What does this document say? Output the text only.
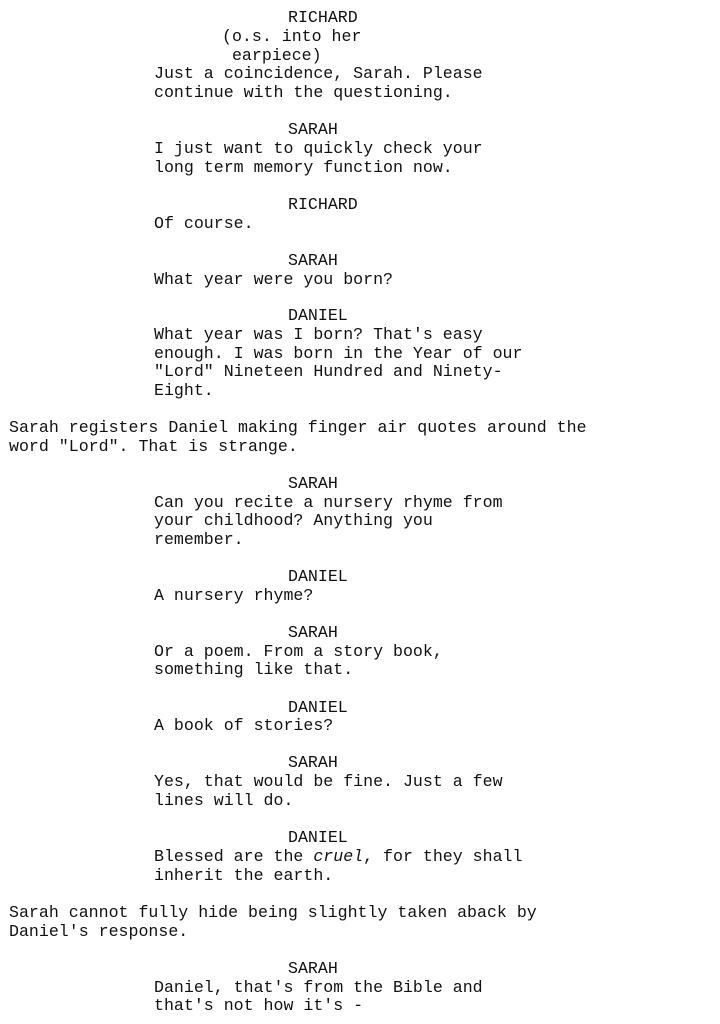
RICHARD
(o.s. into her
earpiece)
Just a coincidence, Sarah. Please
continue with the questioning.
SARAH
I just want to quickly check your
long term memory function now.
RICHARD
Of course.
SARAH
What year were you born?
DANIEL
What year was I born? That's easy
enough. I was born in the Year of our
"Lord" Nineteen Hundred and Ninety-
Eight.
Sarah registers Daniel making finger air quotes around the
word "Lord". That is strange.
SARAH
Can you recite a nursery rhyme from
your childhood? Anything you
remember.
DANIEL
A nursery rhyme?
SARAH
Or a poem. From a story book,
something like that.
DANIEL
A book of stories?
SARAH
Yes, that would be fine. Just a few
lines will do.
DANIEL
Blessed are the cruel, for they shall
inherit the earth.
Sarah cannot fully hide being slightly taken aback by
Daniel's response.
SARAH
Daniel, that's from the Bible and
that's not how it's -
